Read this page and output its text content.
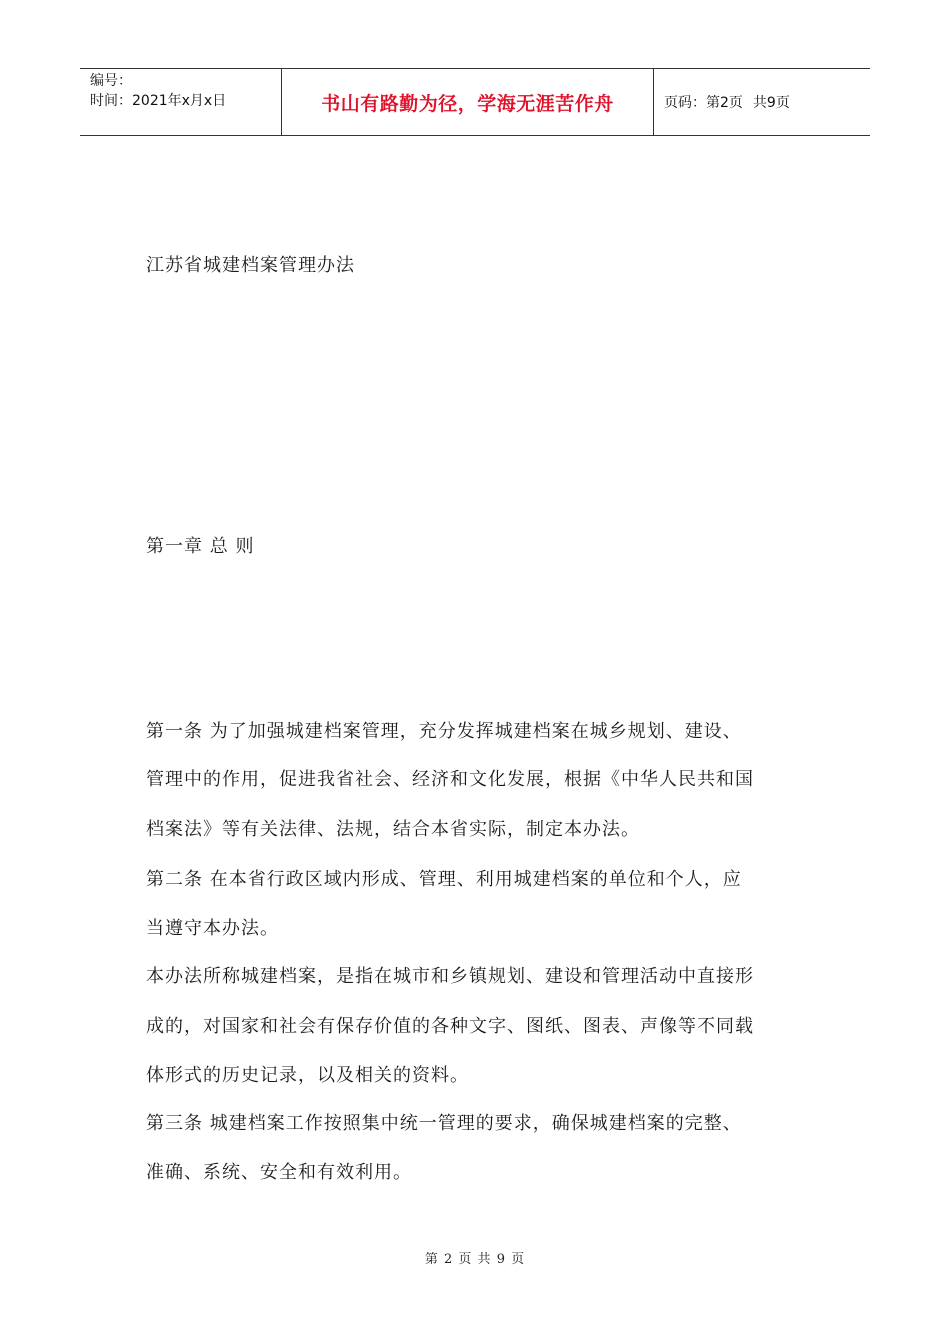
编号：
时间：2021年x月x日	书山有路勤为径，学海无涯苦作舟	页码：第2页 共9页

江苏省城建档案管理办法

第一章 总 则

第一条 为了加强城建档案管理，充分发挥城建档案在城乡规划、建设、

管理中的作用，促进我省社会、经济和文化发展，根据《中华人民共和国

档案法》等有关法律、法规，结合本省实际，制定本办法。

第二条 在本省行政区域内形成、管理、利用城建档案的单位和个人，应

当遵守本办法。

本办法所称城建档案，是指在城市和乡镇规划、建设和管理活动中直接形

成的，对国家和社会有保存价值的各种文字、图纸、图表、声像等不同载

体形式的历史记录，以及相关的资料。

第三条 城建档案工作按照集中统一管理的要求，确保城建档案的完整、

准确、系统、安全和有效利用。

第 2 页 共 9 页
